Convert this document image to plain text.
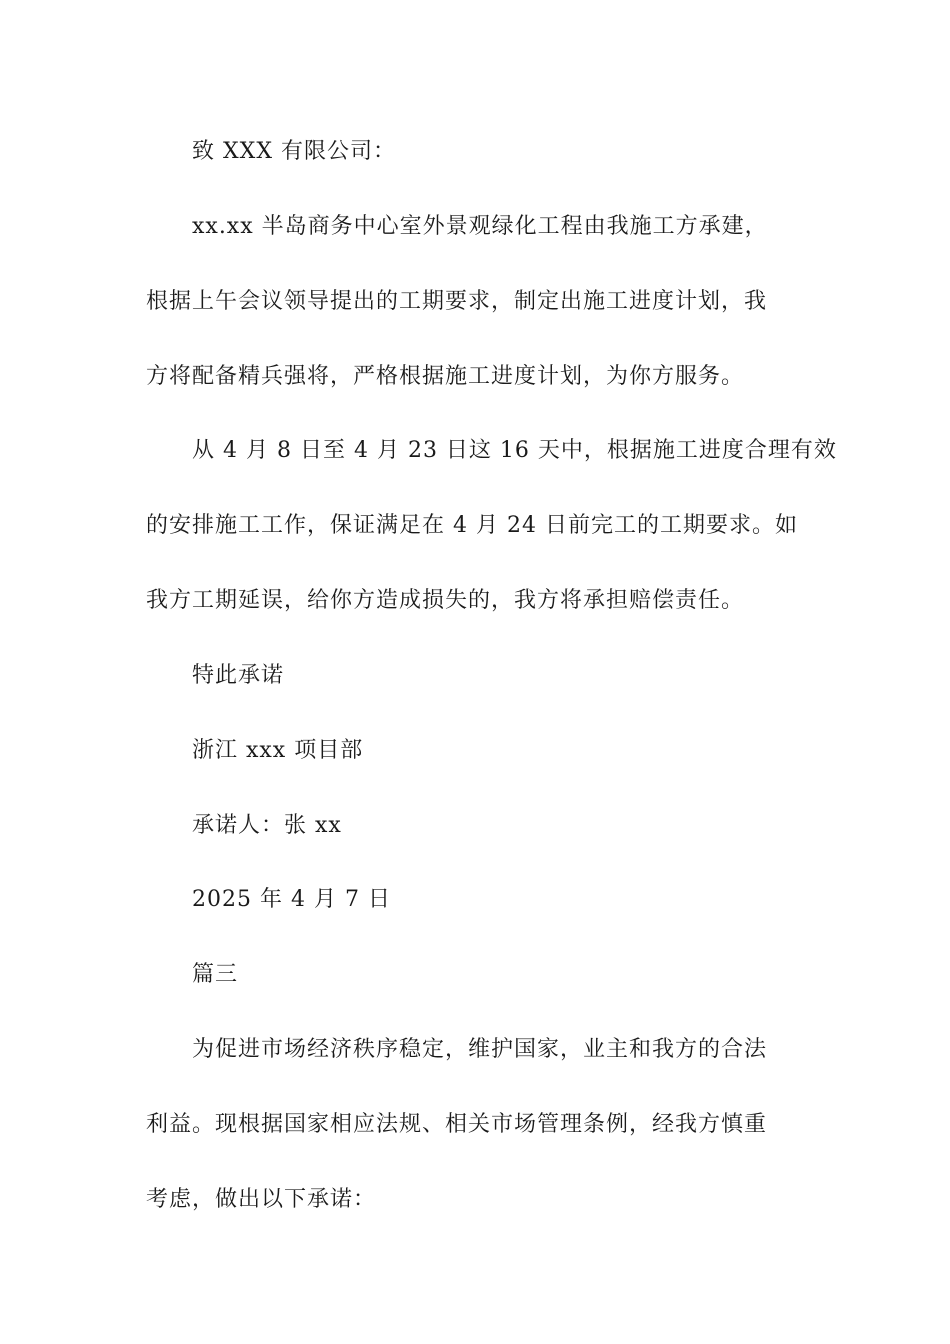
致 XXX 有限公司：
xx.xx 半岛商务中心室外景观绿化工程由我施工方承建，
根据上午会议领导提出的工期要求，制定出施工进度计划，我
方将配备精兵强将，严格根据施工进度计划，为你方服务。
从 4 月 8 日至 4 月 23 日这 16 天中，根据施工进度合理有效
的安排施工工作，保证满足在 4 月 24 日前完工的工期要求。如
我方工期延误，给你方造成损失的，我方将承担赔偿责任。
特此承诺
浙江 xxx 项目部
承诺人：张 xx
2025 年 4 月 7 日
篇三
为促进市场经济秩序稳定，维护国家，业主和我方的合法
利益。现根据国家相应法规、相关市场管理条例，经我方慎重
考虑，做出以下承诺：
